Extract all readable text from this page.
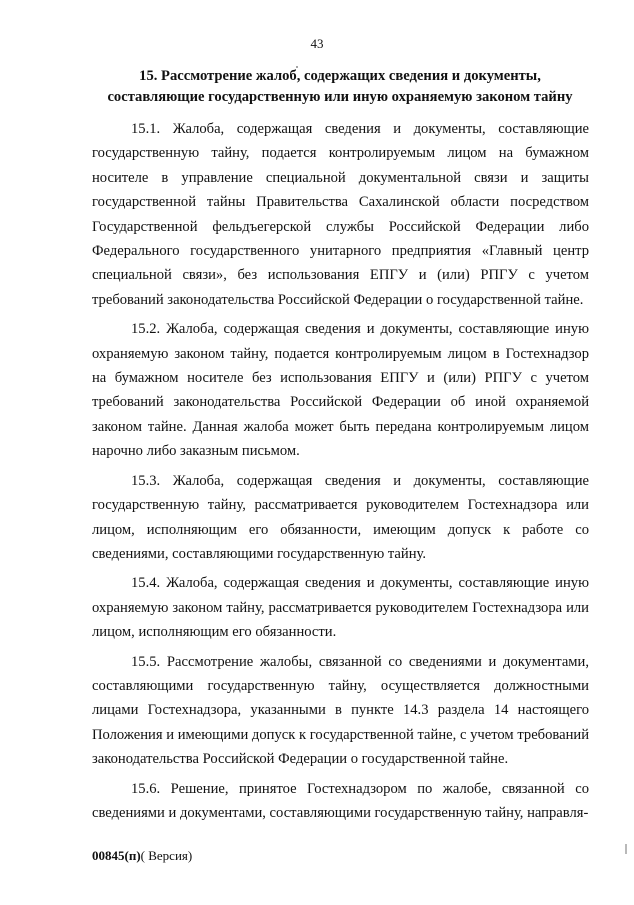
43
15. Рассмотрение жалоб, содержащих сведения и документы,
составляющие государственную или иную охраняемую законом тайну

15.1. Жалоба, содержащая сведения и документы, составляющие государственную тайну, подается контролируемым лицом на бумажном носителе в управление специальной документальной связи и защиты государственной тайны Правительства Сахалинской области посредством Государственной фельдъегерской службы Российской Федерации либо Федерального государственного унитарного предприятия «Главный центр специальной связи», без использования ЕПГУ и (или) РПГУ с учетом требований законодательства Российской Федерации о государственной тайне.

15.2. Жалоба, содержащая сведения и документы, составляющие иную охраняемую законом тайну, подается контролируемым лицом в Гостехнадзор на бумажном носителе без использования ЕПГУ и (или) РПГУ с учетом требований законодательства Российской Федерации об иной охраняемой законом тайне. Данная жалоба может быть передана контролируемым лицом нарочно либо заказным письмом.

15.3. Жалоба, содержащая сведения и документы, составляющие государственную тайну, рассматривается руководителем Гостехнадзора или лицом, исполняющим его обязанности, имеющим допуск к работе со сведениями, составляющими государственную тайну.

15.4. Жалоба, содержащая сведения и документы, составляющие иную охраняемую законом тайну, рассматривается руководителем Гостехнадзора или лицом, исполняющим его обязанности.

15.5. Рассмотрение жалобы, связанной со сведениями и документами, составляющими государственную тайну, осуществляется должностными лицами Гостехнадзора, указанными в пункте 14.3 раздела 14 настоящего Положения и имеющими допуск к государственной тайне, с учетом требований законодательства Российской Федерации о государственной тайне.

15.6. Решение, принятое Гостехнадзором по жалобе, связанной со сведениями и документами, составляющими государственную тайну, направля-

00845(п)( Версия)
